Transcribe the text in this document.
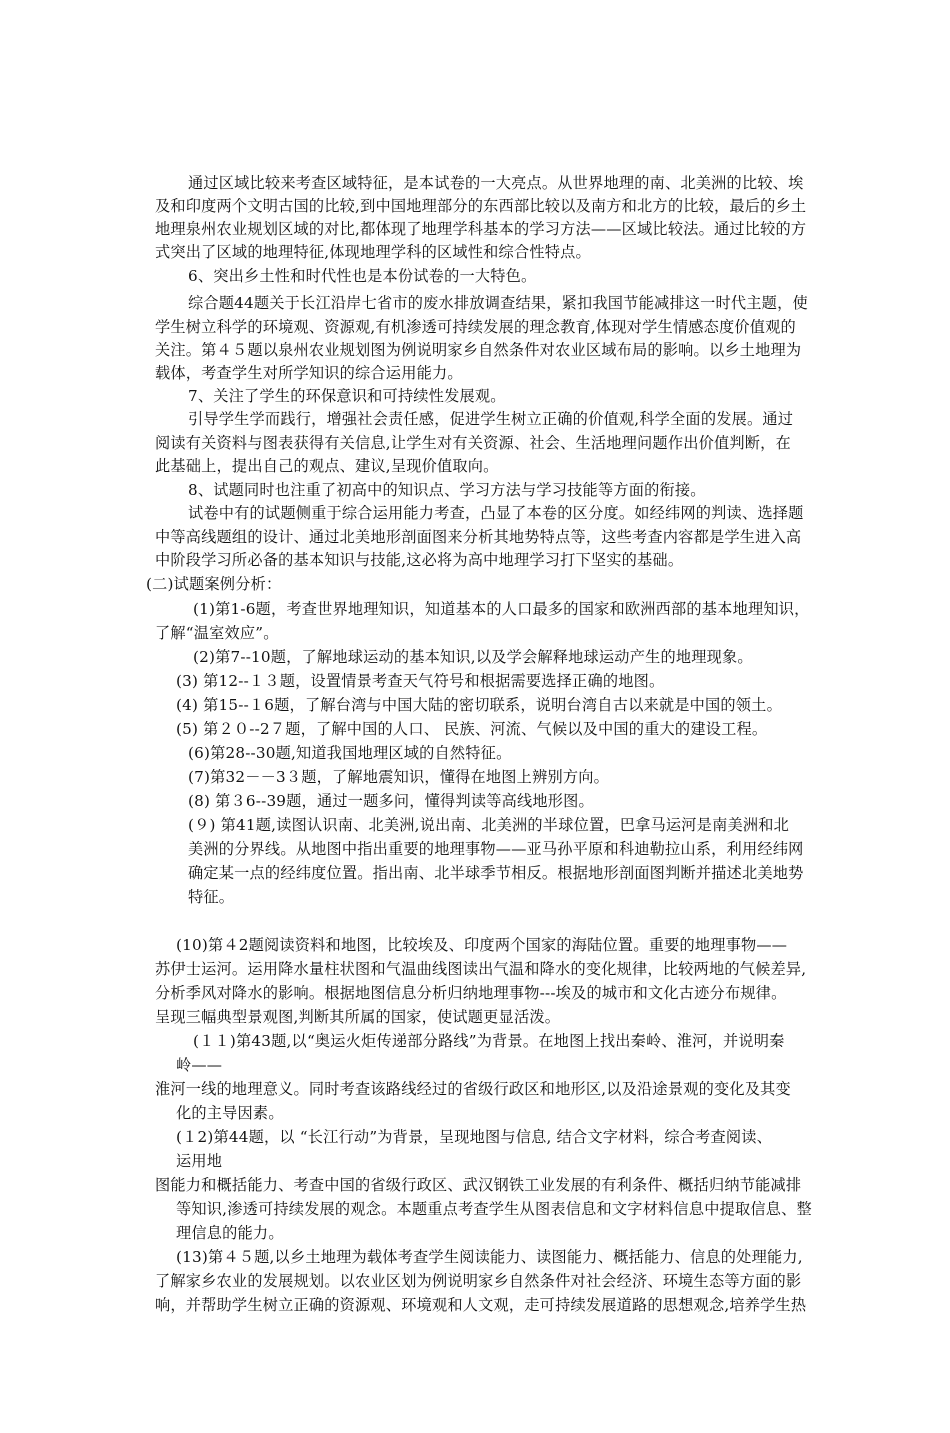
通过区域比较来考查区域特征，是本试卷的一大亮点。从世界地理的南、北美洲的比较、埃
及和印度两个文明古国的比较,到中国地理部分的东西部比较以及南方和北方的比较，最后的乡土
地理泉州农业规划区域的对比,都体现了地理学科基本的学习方法——区域比较法。通过比较的方
式突出了区域的地理特征,体现地理学科的区域性和综合性特点。
6、突出乡土性和时代性也是本份试卷的一大特色。
综合题44题关于长江沿岸七省市的废水排放调查结果，紧扣我国节能减排这一时代主题，使
学生树立科学的环境观、资源观,有机渗透可持续发展的理念教育,体现对学生情感态度价值观的
关注。第４５题以泉州农业规划图为例说明家乡自然条件对农业区域布局的影响。以乡土地理为
载体，考查学生对所学知识的综合运用能力。
7、关注了学生的环保意识和可持续性发展观。
引导学生学而践行，增强社会责任感，促进学生树立正确的价值观,科学全面的发展。通过
阅读有关资料与图表获得有关信息,让学生对有关资源、社会、生活地理问题作出价值判断，在
此基础上，提出自己的观点、建议,呈现价值取向。
8、试题同时也注重了初高中的知识点、学习方法与学习技能等方面的衔接。
试卷中有的试题侧重于综合运用能力考查，凸显了本卷的区分度。如经纬网的判读、选择题
中等高线题组的设计、通过北美地形剖面图来分析其地势特点等，这些考查内容都是学生进入高
中阶段学习所必备的基本知识与技能,这必将为高中地理学习打下坚实的基础。
(二)试题案例分析：
(1)第1-6题，考查世界地理知识，知道基本的人口最多的国家和欧洲西部的基本地理知识，
了解“温室效应”。
(2)第7--10题，了解地球运动的基本知识,以及学会解释地球运动产生的地理现象。
(3) 第12--１３题，设置情景考查天气符号和根据需要选择正确的地图。
(4) 第15--１6题，了解台湾与中国大陆的密切联系，说明台湾自古以来就是中国的领土。
(5) 第２０--2７题，了解中国的人口、 民族、河流、气候以及中国的重大的建设工程。
(6)第28--30题,知道我国地理区域的自然特征。
(7)第32－－3３题，了解地震知识，懂得在地图上辨别方向。
(8) 第３6--39题，通过一题多问，懂得判读等高线地形图。
(９) 第41题,读图认识南、北美洲,说出南、北美洲的半球位置，巴拿马运河是南美洲和北
美洲的分界线。从地图中指出重要的地理事物——亚马孙平原和科迪勒拉山系，利用经纬网
确定某一点的经纬度位置。指出南、北半球季节相反。根据地形剖面图判断并描述北美地势
特征。
(10)第４2题阅读资料和地图，比较埃及、印度两个国家的海陆位置。重要的地理事物——
苏伊士运河。运用降水量柱状图和气温曲线图读出气温和降水的变化规律，比较两地的气候差异,
分析季风对降水的影响。根据地图信息分析归纳地理事物---埃及的城市和文化古迹分布规律。
呈现三幅典型景观图,判断其所属的国家，使试题更显活泼。
(１１)第43题,以“奥运火炬传递部分路线”为背景。在地图上找出秦岭、淮河，并说明秦
岭——
淮河一线的地理意义。同时考查该路线经过的省级行政区和地形区,以及沿途景观的变化及其变
化的主导因素。
(１2)第44题，以 “长江行动”为背景，呈现地图与信息, 结合文字材料，综合考查阅读、
运用地
图能力和概括能力、考查中国的省级行政区、武汉钢铁工业发展的有利条件、概括归纳节能减排
等知识,渗透可持续发展的观念。本题重点考查学生从图表信息和文字材料信息中提取信息、整
理信息的能力。
(13)第４５题,以乡土地理为载体考查学生阅读能力、读图能力、概括能力、信息的处理能力,
了解家乡农业的发展规划。以农业区划为例说明家乡自然条件对社会经济、环境生态等方面的影
响，并帮助学生树立正确的资源观、环境观和人文观，走可持续发展道路的思想观念,培养学生热
